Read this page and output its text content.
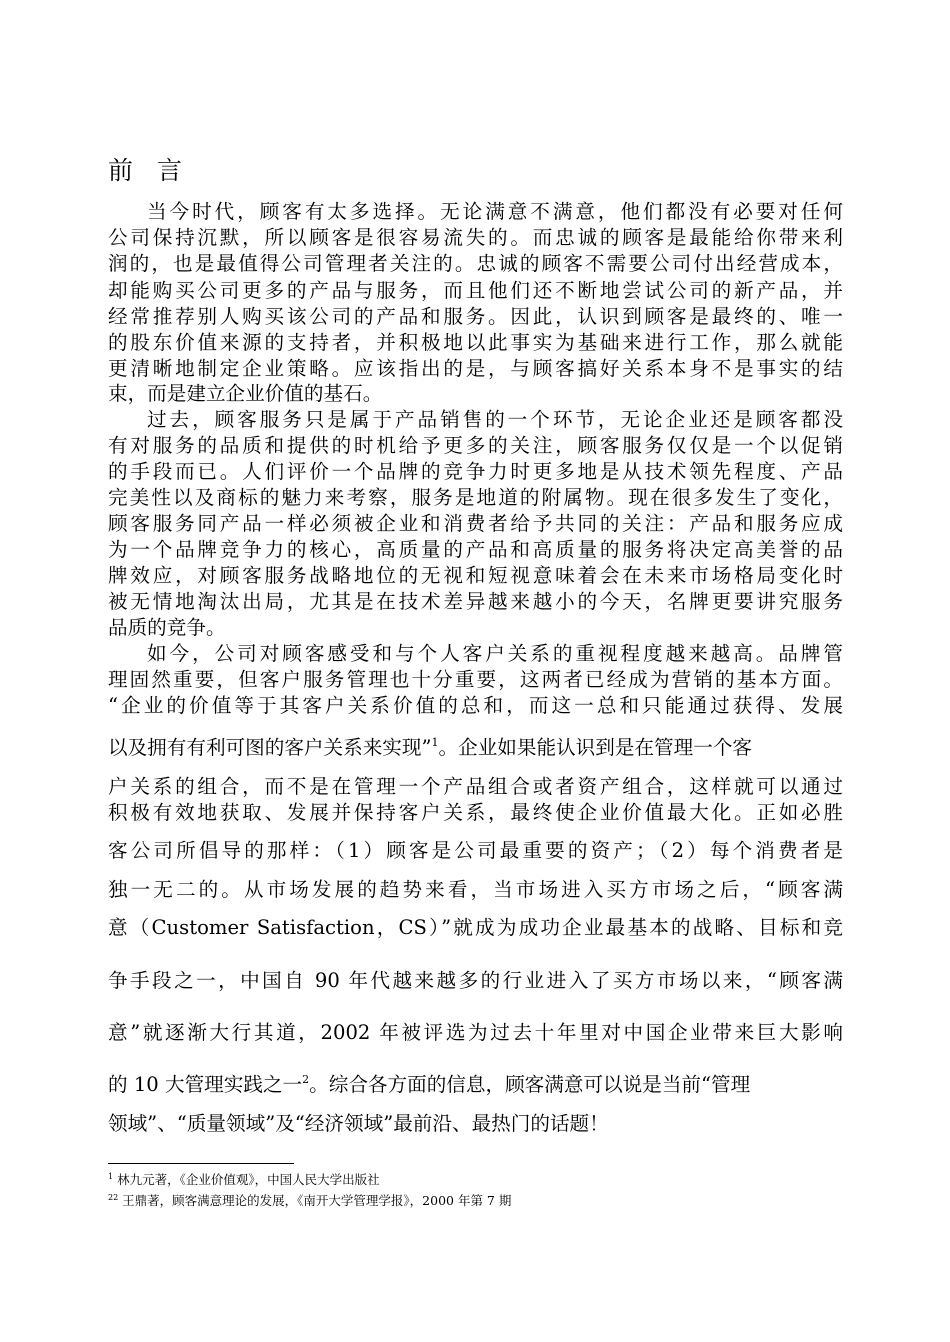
前 言
当今时代，顾客有太多选择。无论满意不满意，他们都没有必要对任何
公司保持沉默，所以顾客是很容易流失的。而忠诚的顾客是最能给你带来利
润的，也是最值得公司管理者关注的。忠诚的顾客不需要公司付出经营成本，
却能购买公司更多的产品与服务，而且他们还不断地尝试公司的新产品，并
经常推荐别人购买该公司的产品和服务。因此，认识到顾客是最终的、唯一
的股东价值来源的支持者，并积极地以此事实为基础来进行工作，那么就能
更清晰地制定企业策略。应该指出的是，与顾客搞好关系本身不是事实的结
束，而是建立企业价值的基石。
过去，顾客服务只是属于产品销售的一个环节，无论企业还是顾客都没
有对服务的品质和提供的时机给予更多的关注，顾客服务仅仅是一个以促销
的手段而已。人们评价一个品牌的竞争力时更多地是从技术领先程度、产品
完美性以及商标的魅力来考察，服务是地道的附属物。现在很多发生了变化，
顾客服务同产品一样必须被企业和消费者给予共同的关注：产品和服务应成
为一个品牌竞争力的核心，高质量的产品和高质量的服务将决定高美誉的品
牌效应，对顾客服务战略地位的无视和短视意味着会在未来市场格局变化时
被无情地淘汰出局，尤其是在技术差异越来越小的今天，名牌更要讲究服务
品质的竞争。
如今，公司对顾客感受和与个人客户关系的重视程度越来越高。品牌管
理固然重要，但客户服务管理也十分重要，这两者已经成为营销的基本方面。
“企业的价值等于其客户关系价值的总和，而这一总和只能通过获得、发展
以及拥有有利可图的客户关系来实现”$^1$。企业如果能认识到是在管理一个客
户关系的组合，而不是在管理一个产品组合或者资产组合，这样就可以通过
积极有效地获取、发展并保持客户关系，最终使企业价值最大化。正如必胜
客公司所倡导的那样：（1）顾客是公司最重要的资产；（2）每个消费者是
独一无二的。从市场发展的趋势来看，当市场进入买方市场之后，“顾客满
意（Customer Satisfaction，CS）”就成为成功企业最基本的战略、目标和竞
争手段之一，中国自 90 年代越来越多的行业进入了买方市场以来，“顾客满
意”就逐渐大行其道，2002 年被评选为过去十年里对中国企业带来巨大影响
的 10 大管理实践之一$^2$。综合各方面的信息，顾客满意可以说是当前“管理
领域”、“质量领域”及“经济领域”最前沿、最热门的话题！
$^1$ 林九元著，《企业价值观》，中国人民大学出版社
$^{22}$ 王鼎著，顾客满意理论的发展，《南开大学管理学报》，2000 年第 7 期
